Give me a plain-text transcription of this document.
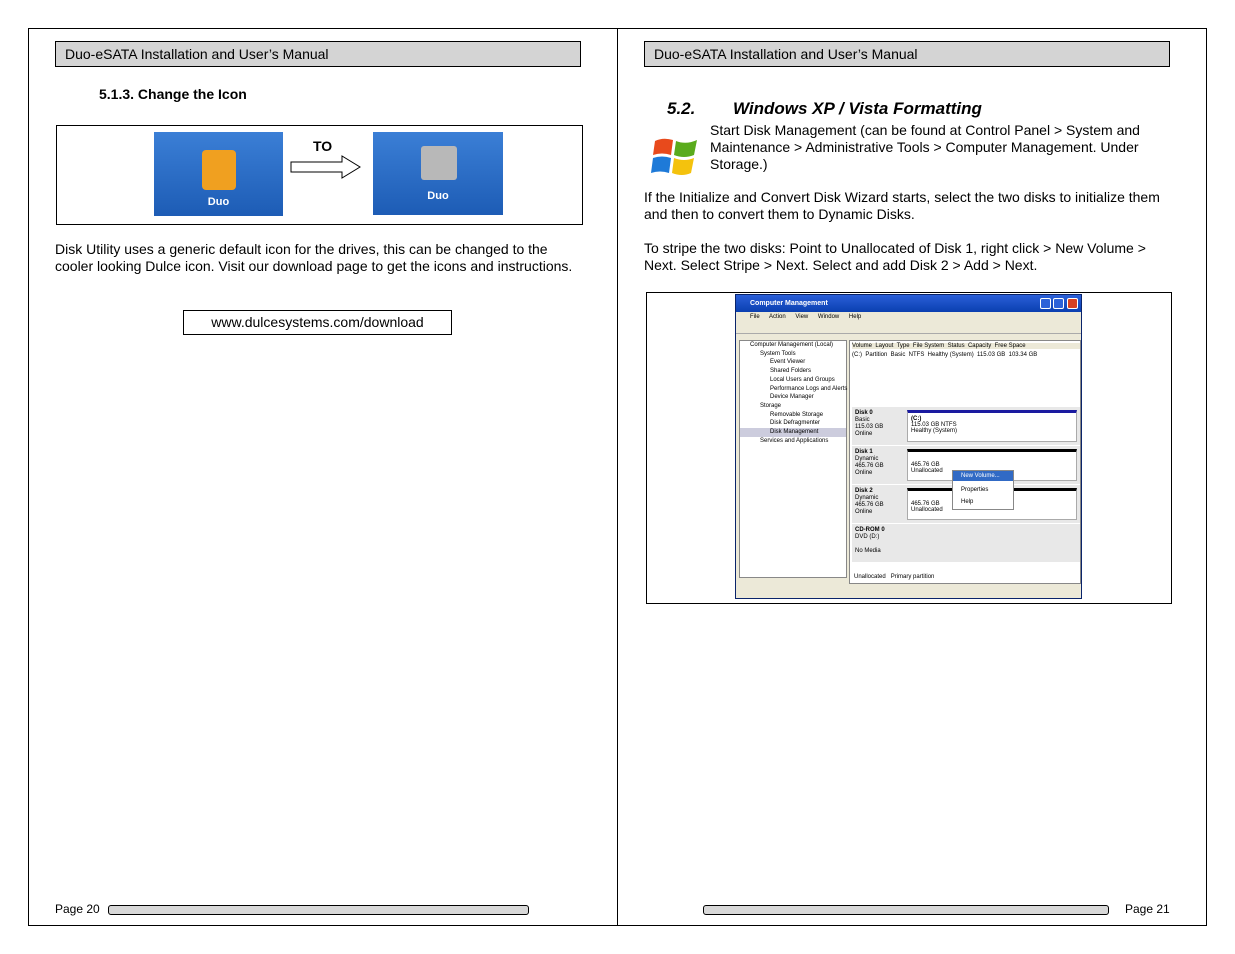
Duo-eSATA Installation and User’s Manual
5.1.3. Change the Icon
Duo
TO
Duo
Disk Utility uses a generic default icon for the drives, this can be changed to the cooler looking Dulce icon. Visit our download page to get the icons and instructions.
www.dulcesystems.com/download
Page 20
Duo-eSATA Installation and User’s Manual
5.2. Windows XP / Vista Formatting
Start Disk Management (can be found at Control Panel > System and Maintenance > Administrative Tools > Computer Management. Under Storage.)
If the Initialize and Convert Disk Wizard starts, select the two disks to initialize them and then to convert them to Dynamic Disks.
To stripe the two disks: Point to Unallocated of Disk 1, right click > New Volume > Next. Select Stripe > Next. Select and add Disk 2 > Add > Next.
Computer Management
File Action View Window Help
Computer Management (Local)
System Tools
Event Viewer
Shared Folders
Local Users and Groups
Performance Logs and Alerts
Device Manager
Storage
Removable Storage
Disk Defragmenter
Disk Management
Services and Applications
Volume  Layout  Type  File System  Status  Capacity  Free Space
(C:)  Partition  Basic  NTFS  Healthy (System)  115.03 GB  103.34 GB
Disk 0
Basic
115.03 GB
Online
(C:)
115.03 GB NTFS
Healthy (System)
Disk 1
Dynamic
465.76 GB
Online
465.76 GB
Unallocated
Disk 2
Dynamic
465.76 GB
Online
465.76 GB
Unallocated
CD-ROM 0
DVD (D:)

No Media
Unallocated Primary partition
New Volume...
Properties
Help
Page 21
